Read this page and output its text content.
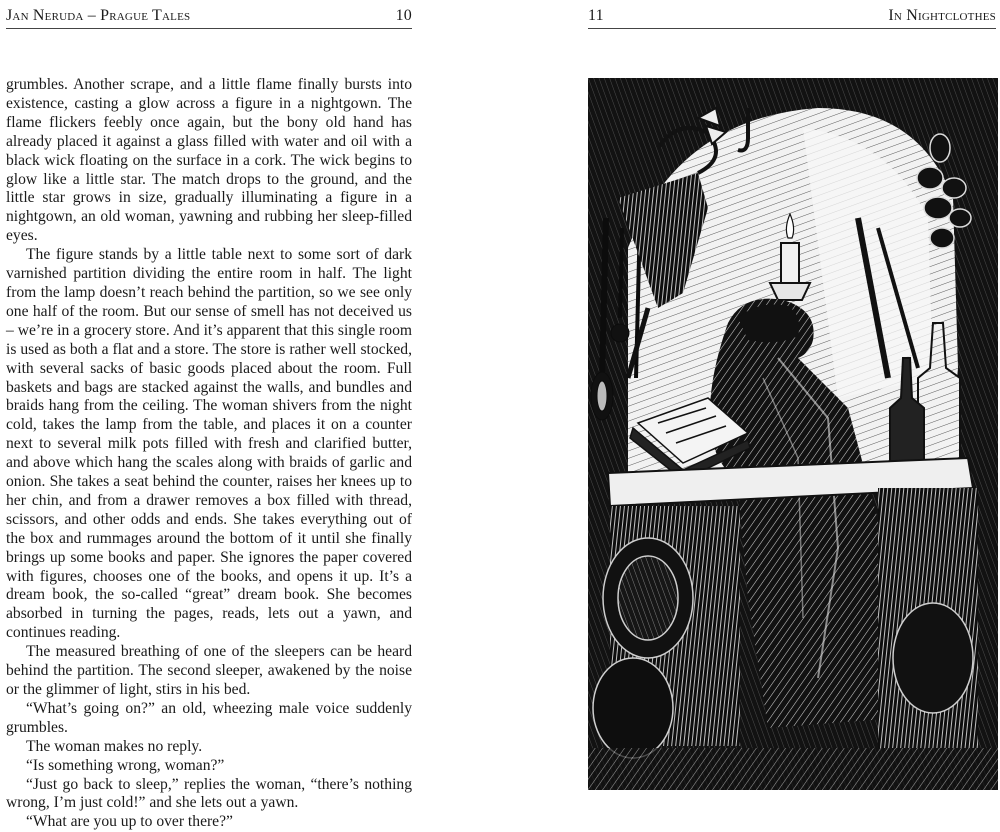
Jan Neruda – Prague Tales	10

grumbles. Another scrape, and a little flame finally bursts into existence, casting a glow across a figure in a nightgown. The flame flickers feebly once again, but the bony old hand has already placed it against a glass filled with water and oil with a black wick floating on the surface in a cork. The wick begins to glow like a little star. The match drops to the ground, and the little star grows in size, gradually illuminating a figure in a nightgown, an old woman, yawning and rubbing her sleep-filled eyes.

The figure stands by a little table next to some sort of dark varnished partition dividing the entire room in half. The light from the lamp doesn’t reach behind the partition, so we see only one half of the room. But our sense of smell has not deceived us – we’re in a grocery store. And it’s apparent that this single room is used as both a flat and a store. The store is rather well stocked, with several sacks of basic goods placed about the room. Full baskets and bags are stacked against the walls, and bundles and braids hang from the ceiling. The woman shivers from the night cold, takes the lamp from the table, and places it on a counter next to several milk pots filled with fresh and clarified butter, and above which hang the scales along with braids of garlic and onion. She takes a seat behind the counter, raises her knees up to her chin, and from a drawer removes a box filled with thread, scissors, and other odds and ends. She takes everything out of the box and rummages around the bottom of it until she finally brings up some books and paper. She ignores the paper covered with figures, chooses one of the books, and opens it up. It’s a dream book, the so-called “great” dream book. She becomes absorbed in turning the pages, reads, lets out a yawn, and continues reading.

The measured breathing of one of the sleepers can be heard behind the partition. The second sleeper, awakened by the noise or the glimmer of light, stirs in his bed.

“What’s going on?” an old, wheezing male voice suddenly grumbles.

The woman makes no reply.

“Is something wrong, woman?”

“Just go back to sleep,” replies the woman, “there’s nothing wrong, I’m just cold!” and she lets out a yawn.

“What are you up to over there?”

11	In Nightclothes
